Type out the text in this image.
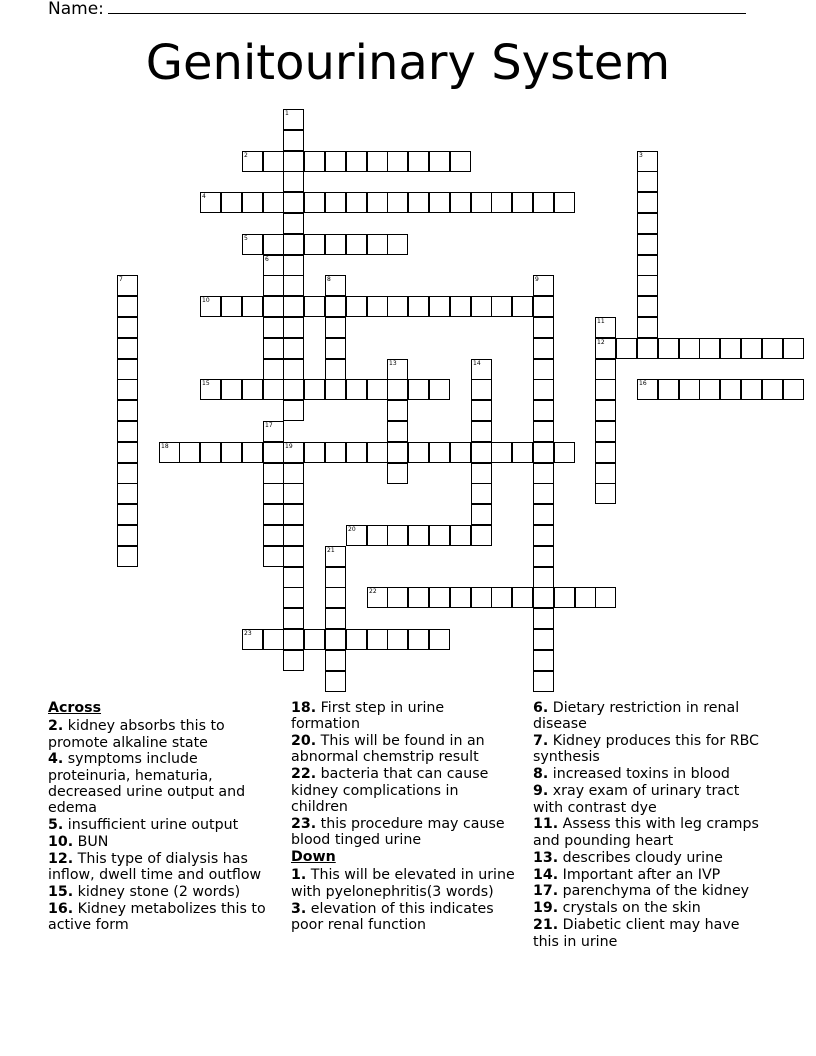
Name:
Genitourinary System
2
4
5
10
12
15	16
18	19
20
22
23
1
3
6
7	8	9
11
13	14
17
21
Across
2. kidney absorbs this to promote alkaline state
4. symptoms include proteinuria, hematuria, decreased urine output and edema
5. insufficient urine output
10. BUN
12. This type of dialysis has inflow, dwell time and outflow
15. kidney stone (2 words)
16. Kidney metabolizes this to active form
18. First step in urine formation
20. This will be found in an abnormal chemstrip result
22. bacteria that can cause kidney complications in children
23. this procedure may cause blood tinged urine
Down
1. This will be elevated in urine with pyelonephritis(3 words)
3. elevation of this indicates poor renal function
6. Dietary restriction in renal disease
7. Kidney produces this for RBC synthesis
8. increased toxins in blood
9. xray exam of urinary tract with contrast dye
11. Assess this with leg cramps and pounding heart
13. describes cloudy urine
14. Important after an IVP
17. parenchyma of the kidney
19. crystals on the skin
21. Diabetic client may have this in urine
